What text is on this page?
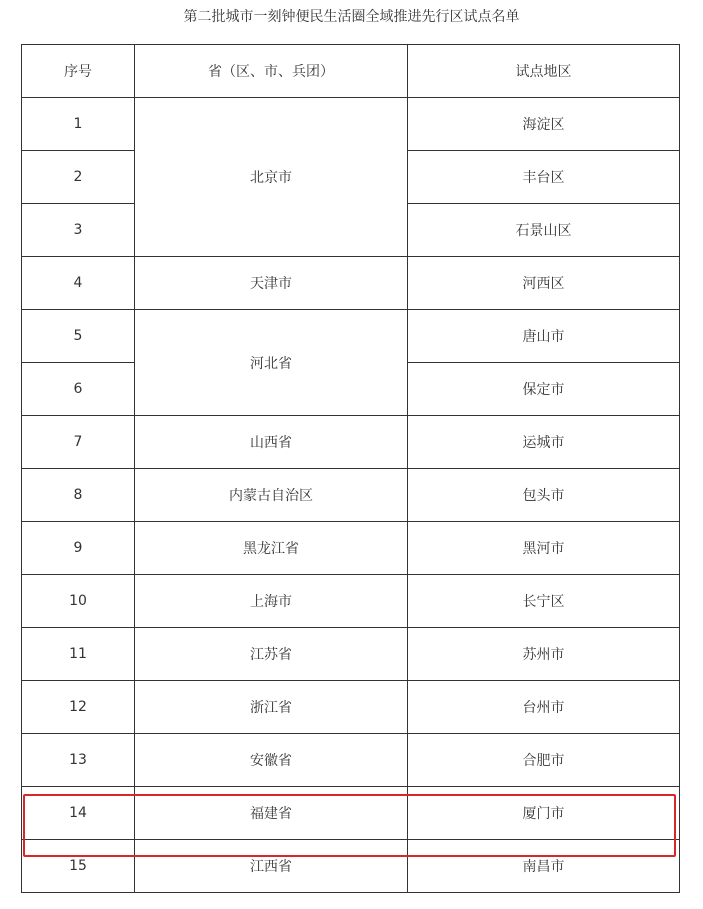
第二批城市一刻钟便民生活圈全域推进先行区试点名单
序号	省（区、市、兵团）	试点地区
1	北京市	海淀区
2		丰台区
3		石景山区
4	天津市	河西区
5	河北省	唐山市
6		保定市
7	山西省	运城市
8	内蒙古自治区	包头市
9	黑龙江省	黑河市
10	上海市	长宁区
11	江苏省	苏州市
12	浙江省	台州市
13	安徽省	合肥市
14	福建省	厦门市
15	江西省	南昌市
